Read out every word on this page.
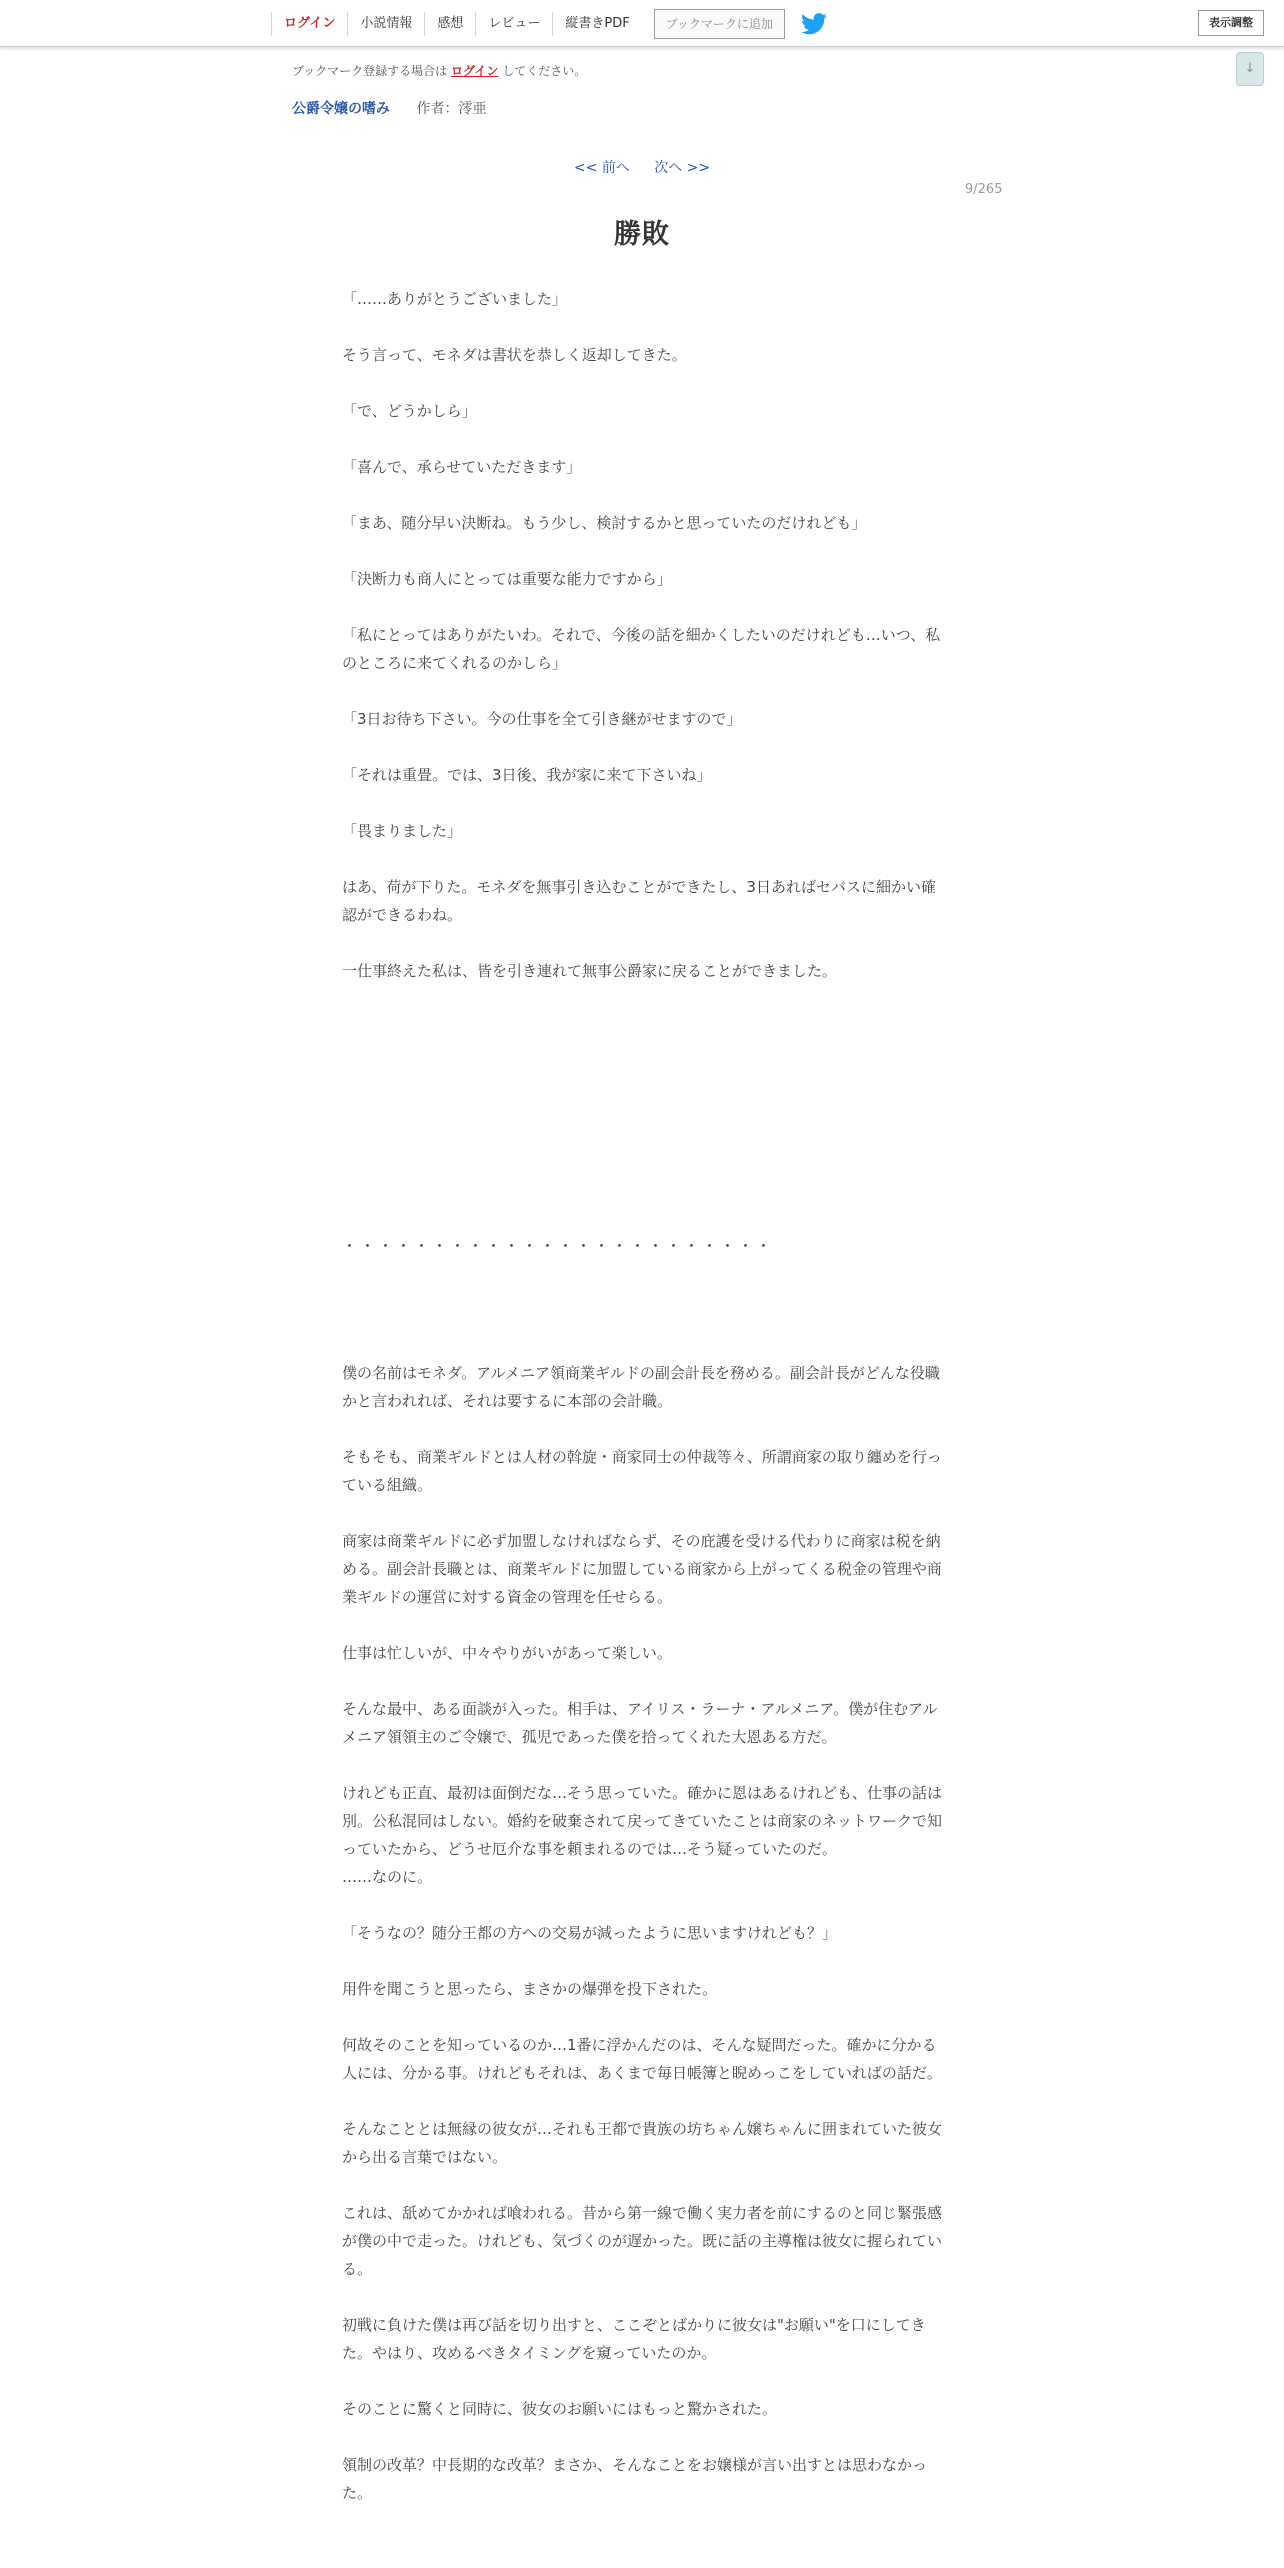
ログイン	小説情報	感想	レビュー	縦書きPDF	ブックマークに追加	表示調整
↓
ブックマーク登録する場合は ログイン してください。
公爵令嬢の嗜み 作者：澪亜
<< 前へ 次へ >>
9/265
勝敗

「……ありがとうございました」

そう言って、モネダは書状を恭しく返却してきた。

「で、どうかしら」

「喜んで、承らせていただきます」

「まあ、随分早い決断ね。もう少し、検討するかと思っていたのだけれども」

「決断力も商人にとっては重要な能力ですから」

「私にとってはありがたいわ。それで、今後の話を細かくしたいのだけれども…いつ、私のところに来てくれるのかしら」

「3日お待ち下さい。今の仕事を全て引き継がせますので」

「それは重畳。では、3日後、我が家に来て下さいね」

「畏まりました」

はあ、荷が下りた。モネダを無事引き込むことができたし、3日あればセバスに細かい確認ができるわね。

一仕事終えた私は、皆を引き連れて無事公爵家に戻ることができました。

・・・・・・・・・・・・・・・・・・・・・・・・

僕の名前はモネダ。アルメニア領商業ギルドの副会計長を務める。副会計長がどんな役職かと言われれば、それは要するに本部の会計職。

そもそも、商業ギルドとは人材の斡旋・商家同士の仲裁等々、所謂商家の取り纏めを行っている組織。

商家は商業ギルドに必ず加盟しなければならず、その庇護を受ける代わりに商家は税を納める。副会計長職とは、商業ギルドに加盟している商家から上がってくる税金の管理や商業ギルドの運営に対する資金の管理を任せらる。

仕事は忙しいが、中々やりがいがあって楽しい。

そんな最中、ある面談が入った。相手は、アイリス・ラーナ・アルメニア。僕が住むアルメニア領領主のご令嬢で、孤児であった僕を拾ってくれた大恩ある方だ。

けれども正直、最初は面倒だな…そう思っていた。確かに恩はあるけれども、仕事の話は別。公私混同はしない。婚約を破棄されて戻ってきていたことは商家のネットワークで知っていたから、どうせ厄介な事を頼まれるのでは…そう疑っていたのだ。
……なのに。

「そうなの？随分王都の方への交易が減ったように思いますけれども？」

用件を聞こうと思ったら、まさかの爆弾を投下された。

何故そのことを知っているのか…1番に浮かんだのは、そんな疑問だった。確かに分かる人には、分かる事。けれどもそれは、あくまで毎日帳簿と睨めっこをしていればの話だ。

そんなこととは無縁の彼女が…それも王都で貴族の坊ちゃん嬢ちゃんに囲まれていた彼女から出る言葉ではない。

これは、舐めてかかれば喰われる。昔から第一線で働く実力者を前にするのと同じ緊張感が僕の中で走った。けれども、気づくのが遅かった。既に話の主導権は彼女に握られている。

初戦に負けた僕は再び話を切り出すと、ここぞとばかりに彼女は"お願い"を口にしてきた。やはり、攻めるべきタイミングを窺っていたのか。

そのことに驚くと同時に、彼女のお願いにはもっと驚かされた。

領制の改革？中長期的な改革？まさか、そんなことをお嬢様が言い出すとは思わなかった。
